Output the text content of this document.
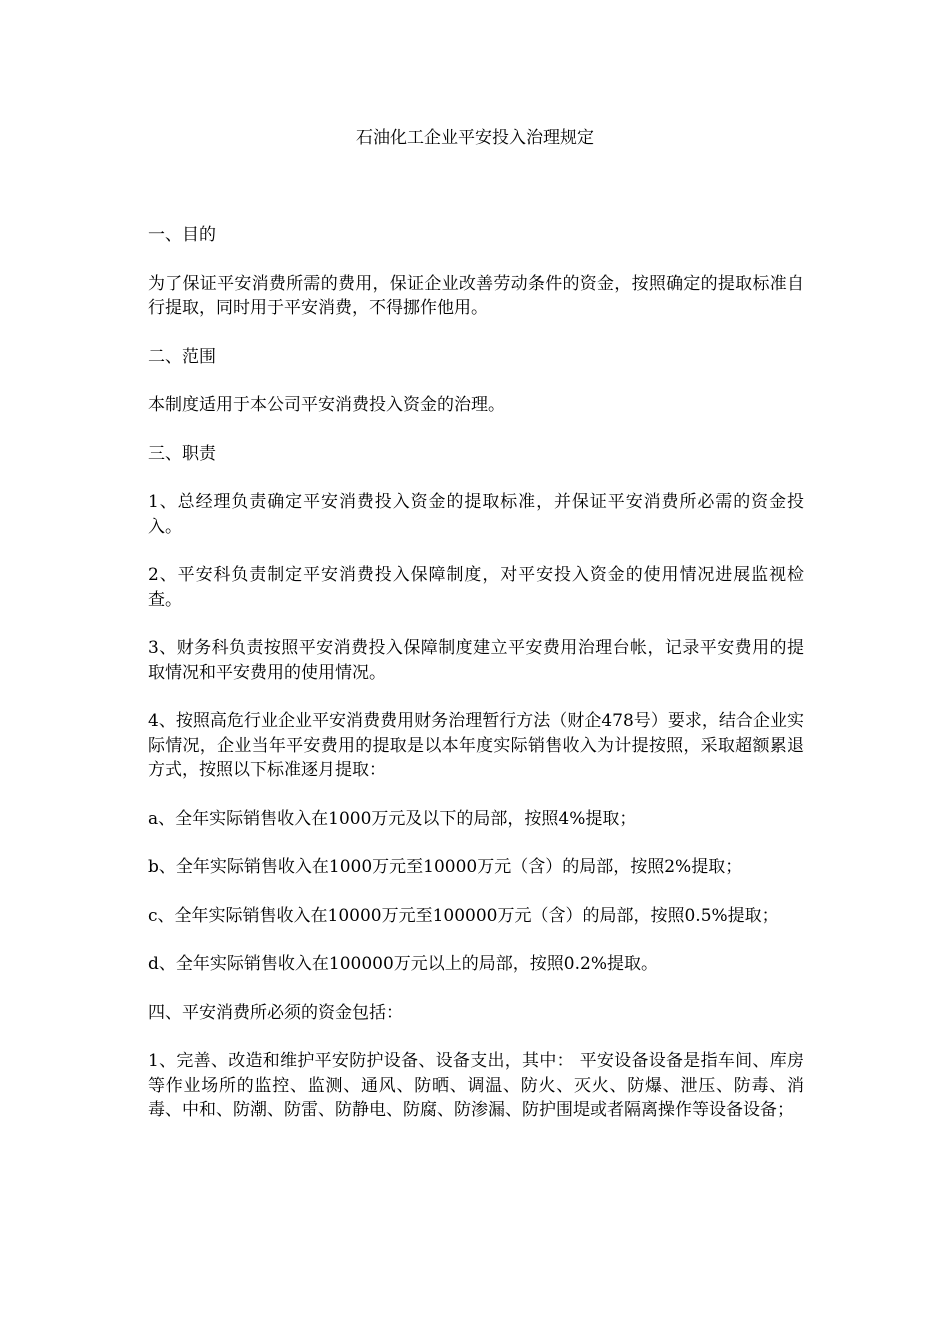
石油化工企业平安投入治理规定

一、目的

为了保证平安消费所需的费用，保证企业改善劳动条件的资金，按照确定的提取标准自行提取，同时用于平安消费，不得挪作他用。

二、范围

本制度适用于本公司平安消费投入资金的治理。

三、职责

1、总经理负责确定平安消费投入资金的提取标准，并保证平安消费所必需的资金投入。

2、平安科负责制定平安消费投入保障制度，对平安投入资金的使用情况进展监视检查。

3、财务科负责按照平安消费投入保障制度建立平安费用治理台帐，记录平安费用的提取情况和平安费用的使用情况。

4、按照高危行业企业平安消费费用财务治理暂行方法（财企478号）要求，结合企业实际情况，企业当年平安费用的提取是以本年度实际销售收入为计提按照，采取超额累退方式，按照以下标准逐月提取：

a、全年实际销售收入在1000万元及以下的局部，按照4%提取；

b、全年实际销售收入在1000万元至10000万元（含）的局部，按照2%提取；

c、全年实际销售收入在10000万元至100000万元（含）的局部，按照0.5%提取；

d、全年实际销售收入在100000万元以上的局部，按照0.2%提取。

四、平安消费所必须的资金包括：

1、完善、改造和维护平安防护设备、设备支出，其中： 平安设备设备是指车间、库房等作业场所的监控、监测、通风、防晒、调温、防火、灭火、防爆、泄压、防毒、消毒、中和、防潮、防雷、防静电、防腐、防渗漏、防护围堤或者隔离操作等设备设备；
